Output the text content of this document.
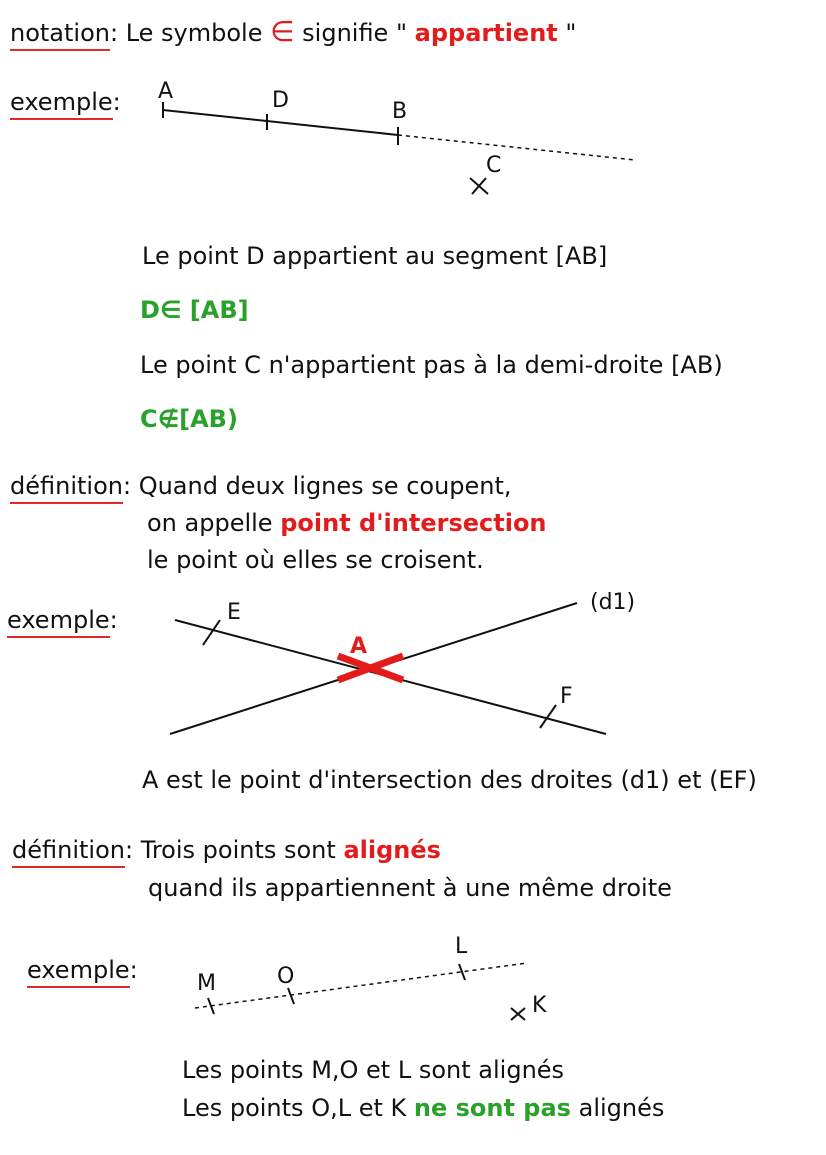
notation: Le symbole ∈ signifie " appartient "
exemple: A	D	B
C
E
F
A
(d1)
M	O
L
K
Le point D appartient au segment [AB]
D∈ [AB]
Le point C n'appartient pas à la demi-droite [AB)
C∉[AB)
définition: Quand deux lignes se coupent,
on appelle point d'intersection
le point où elles se croisent.
exemple:
A est le point d'intersection des droites (d1) et (EF)
définition: Trois points sont alignés
quand ils appartiennent à une même droite
exemple:
Les points M,O et L sont alignés
Les points O,L et K ne sont pas alignés
